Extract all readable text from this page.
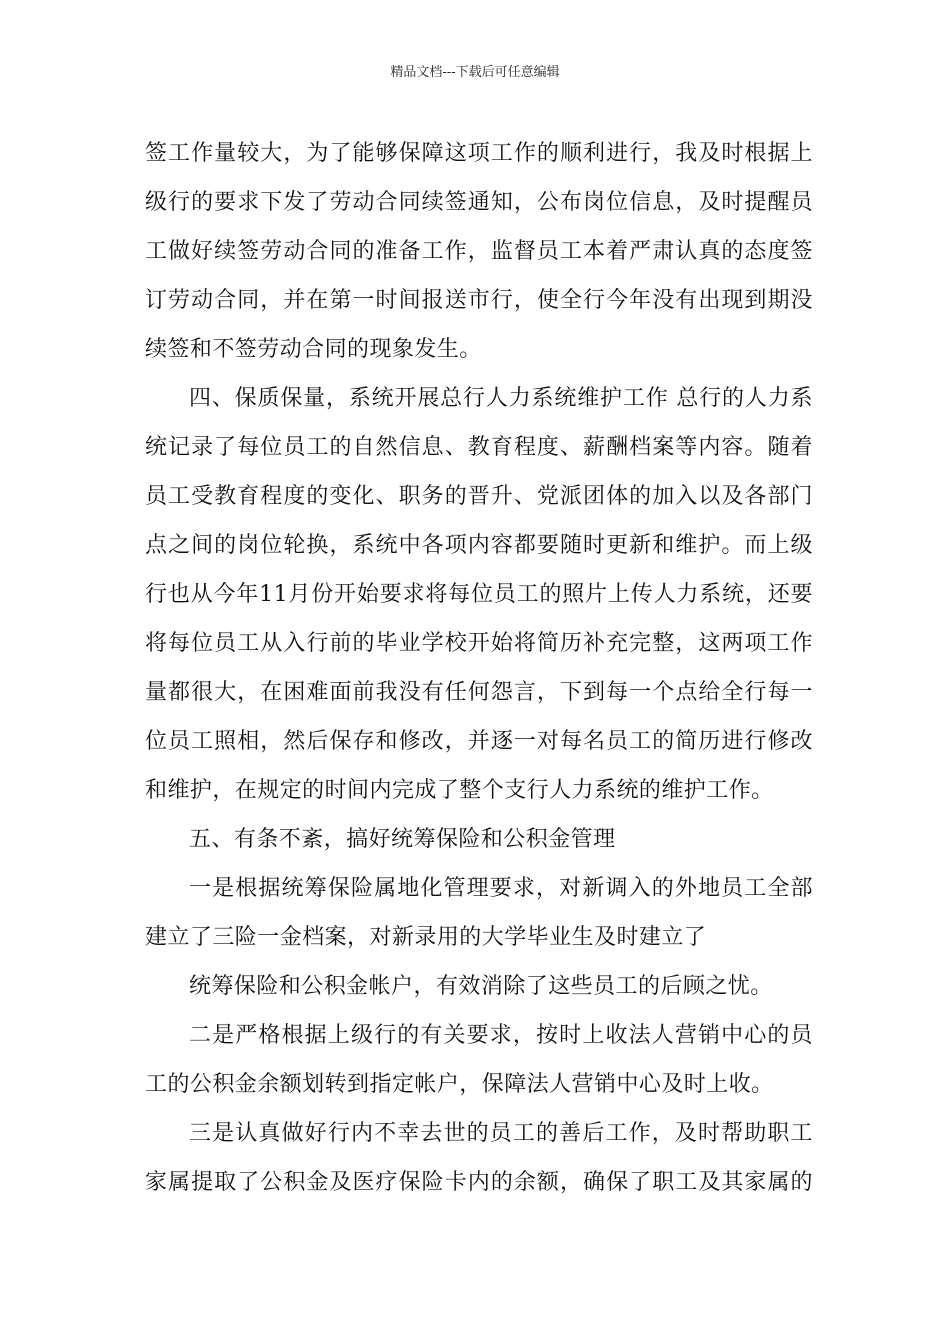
精品文档---下载后可任意编辑
签工作量较大，为了能够保障这项工作的顺利进行，我及时根据上
级行的要求下发了劳动合同续签通知，公布岗位信息，及时提醒员
工做好续签劳动合同的准备工作，监督员工本着严肃认真的态度签
订劳动合同，并在第一时间报送市行，使全行今年没有出现到期没
续签和不签劳动合同的现象发生。
四、保质保量，系统开展总行人力系统维护工作 总行的人力系
统记录了每位员工的自然信息、教育程度、薪酬档案等内容。随着
员工受教育程度的变化、职务的晋升、党派团体的加入以及各部门
点之间的岗位轮换，系统中各项内容都要随时更新和维护。而上级
行也从今年11月份开始要求将每位员工的照片上传人力系统，还要
将每位员工从入行前的毕业学校开始将简历补充完整，这两项工作
量都很大，在困难面前我没有任何怨言，下到每一个点给全行每一
位员工照相，然后保存和修改，并逐一对每名员工的简历进行修改
和维护，在规定的时间内完成了整个支行人力系统的维护工作。
五、有条不紊，搞好统筹保险和公积金管理
一是根据统筹保险属地化管理要求，对新调入的外地员工全部
建立了三险一金档案，对新录用的大学毕业生及时建立了
统筹保险和公积金帐户，有效消除了这些员工的后顾之忧。
二是严格根据上级行的有关要求，按时上收法人营销中心的员
工的公积金余额划转到指定帐户，保障法人营销中心及时上收。
三是认真做好行内不幸去世的员工的善后工作，及时帮助职工
家属提取了公积金及医疗保险卡内的余额，确保了职工及其家属的
